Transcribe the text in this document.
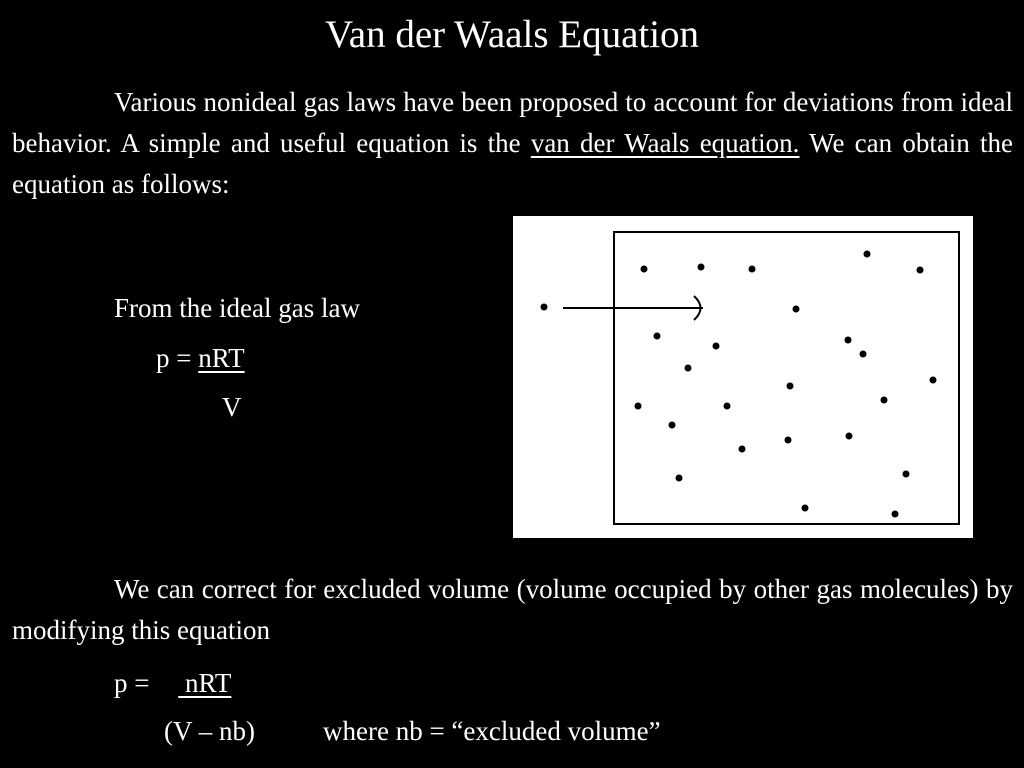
Van der Waals Equation
Various nonideal gas laws have been proposed to account for deviations from ideal behavior. A simple and useful equation is the van der Waals equation. We can obtain the equation as follows:
From the ideal gas law
p = nRT
V
We can correct for excluded volume (volume occupied by other gas molecules) by modifying this equation
p =  nRT
(V – nb)	where nb = “excluded volume”
